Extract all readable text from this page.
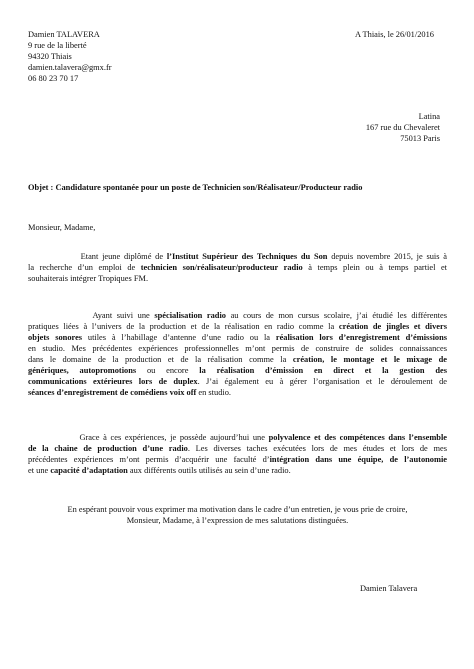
Damien TALAVERA
9 rue de la liberté
94320 Thiais
damien.talavera@gmx.fr
06 80 23 70 17
A Thiais, le 26/01/2016
Latina
167 rue du Chevaleret
75013 Paris
Objet : Candidature spontanée pour un poste de Technicien son/Réalisateur/Producteur radio
Monsieur, Madame,
Etant jeune diplômé de l’Institut Supérieur des Techniques du Son depuis novembre 2015, je suis à
la recherche d’un emploi de technicien son/réalisateur/producteur radio à temps plein ou à temps partiel et
souhaiterais intégrer Tropiques FM.
Ayant suivi une spécialisation radio au cours de mon cursus scolaire, j’ai étudié les différentes
pratiques liées à l’univers de la production et de la réalisation en radio comme la création de jingles et divers
objets sonores utiles à l’habillage d’antenne d’une radio ou la réalisation lors d’enregistrement d’émissions
en studio. Mes précédentes expériences professionnelles m’ont permis de construire de solides connaissances
dans le domaine de la production et de la réalisation comme la création, le montage et le mixage de
génériques, autopromotions ou encore la réalisation d’émission en direct et la gestion des
communications extérieures lors de duplex. J’ai également eu à gérer l’organisation et le déroulement de
séances d’enregistrement de comédiens voix off en studio.
Grace à ces expériences, je possède aujourd’hui une polyvalence et des compétences dans l’ensemble
de la chaine de production d’une radio. Les diverses taches exécutées lors de mes études et lors de mes
précédentes expériences m’ont permis d’acquérir une faculté d’intégration dans une équipe, de l’autonomie
et une capacité d’adaptation aux différents outils utilisés au sein d’une radio.
En espérant pouvoir vous exprimer ma motivation dans le cadre d’un entretien, je vous prie de croire,
Monsieur, Madame, à l’expression de mes salutations distinguées.
Damien Talavera
